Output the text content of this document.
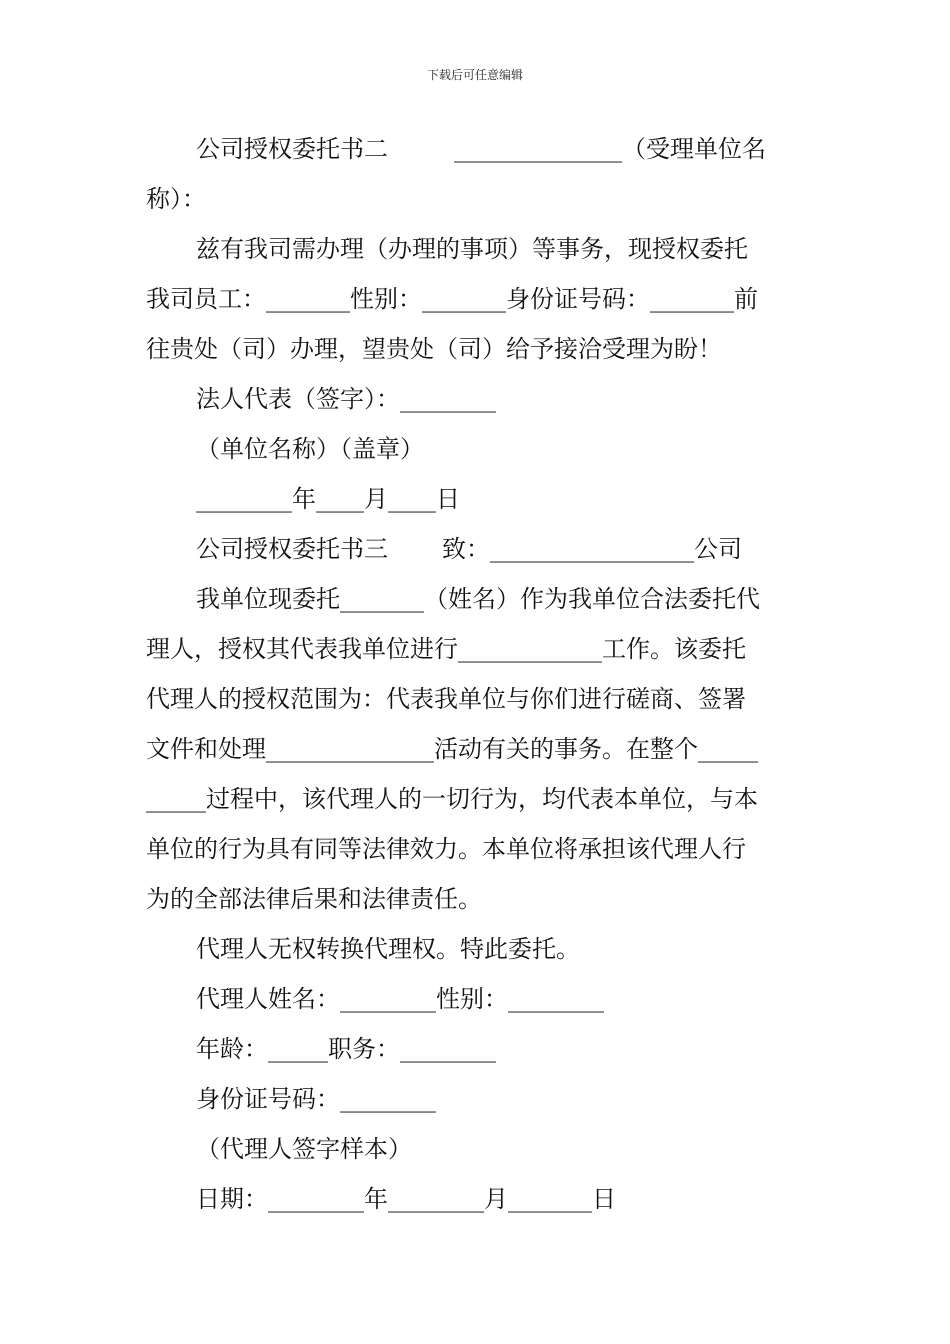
下载后可任意编辑

公司授权委托书二	______________（受理单位名

称）：

兹有我司需办理（办理的事项）等事务，现授权委托

我司员工：_______性别：_______身份证号码：_______前

往贵处（司）办理，望贵处（司）给予接洽受理为盼！

法人代表（签字）：________

（单位名称）（盖章）

________年____月____日

公司授权委托书三 致：_________________公司

我单位现委托_______（姓名）作为我单位合法委托代

理人，授权其代表我单位进行____________工作。该委托

代理人的授权范围为：代表我单位与你们进行磋商、签署

文件和处理______________活动有关的事务。在整个_____

_____过程中，该代理人的一切行为，均代表本单位，与本

单位的行为具有同等法律效力。本单位将承担该代理人行

为的全部法律后果和法律责任。

代理人无权转换代理权。特此委托。

代理人姓名：________性别：________

年龄：_____职务：________

身份证号码：________

（代理人签字样本）

日期：________年________月_______日
